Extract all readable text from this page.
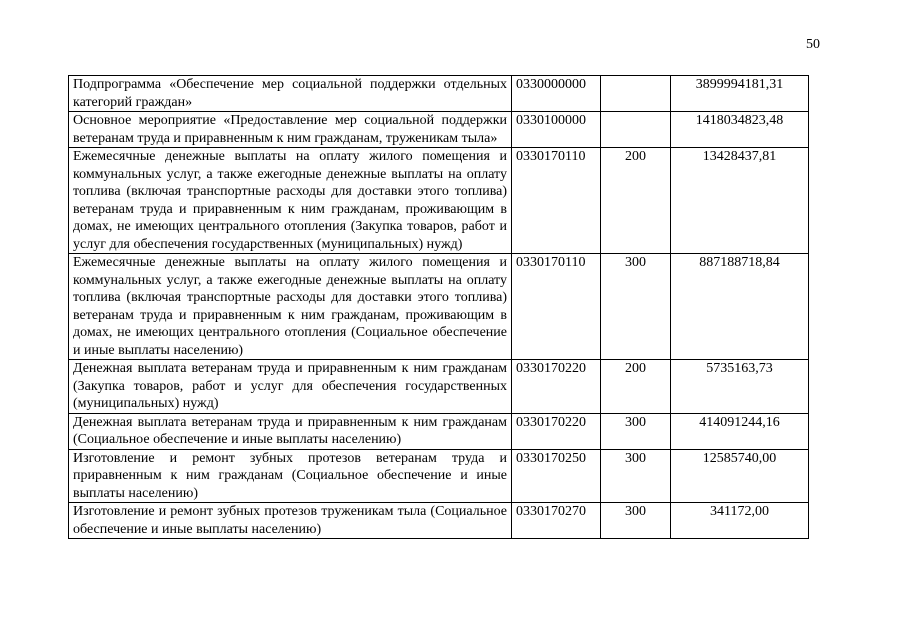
50
Подпрограмма «Обеспечение мер социальной поддержки отдельных категорий граждан»	0330000000		3899994181,31
Основное мероприятие «Предоставление мер социальной поддержки ветеранам труда и приравненным к ним гражданам, труженикам тыла»	0330100000		1418034823,48
Ежемесячные денежные выплаты на оплату жилого помещения и коммунальных услуг, а также ежегодные денежные выплаты на оплату топлива (включая транспортные расходы для доставки этого топлива) ветеранам труда и приравненным к ним гражданам, проживающим в домах, не имеющих центрального отопления (Закупка товаров, работ и услуг для обеспечения государственных (муниципальных) нужд)	0330170110	200	13428437,81
Ежемесячные денежные выплаты на оплату жилого помещения и коммунальных услуг, а также ежегодные денежные выплаты на оплату топлива (включая транспортные расходы для доставки этого топлива) ветеранам труда и приравненным к ним гражданам, проживающим в домах, не имеющих центрального отопления (Социальное обеспечение и иные выплаты населению)	0330170110	300	887188718,84
Денежная выплата ветеранам труда и приравненным к ним гражданам (Закупка товаров, работ и услуг для обеспечения государственных (муниципальных) нужд)	0330170220	200	5735163,73
Денежная выплата ветеранам труда и приравненным к ним гражданам (Социальное обеспечение и иные выплаты населению)	0330170220	300	414091244,16
Изготовление и ремонт зубных протезов ветеранам труда и приравненным к ним гражданам (Социальное обеспечение и иные выплаты населению)	0330170250	300	12585740,00
Изготовление и ремонт зубных протезов труженикам тыла (Социальное обеспечение и иные выплаты населению)	0330170270	300	341172,00
